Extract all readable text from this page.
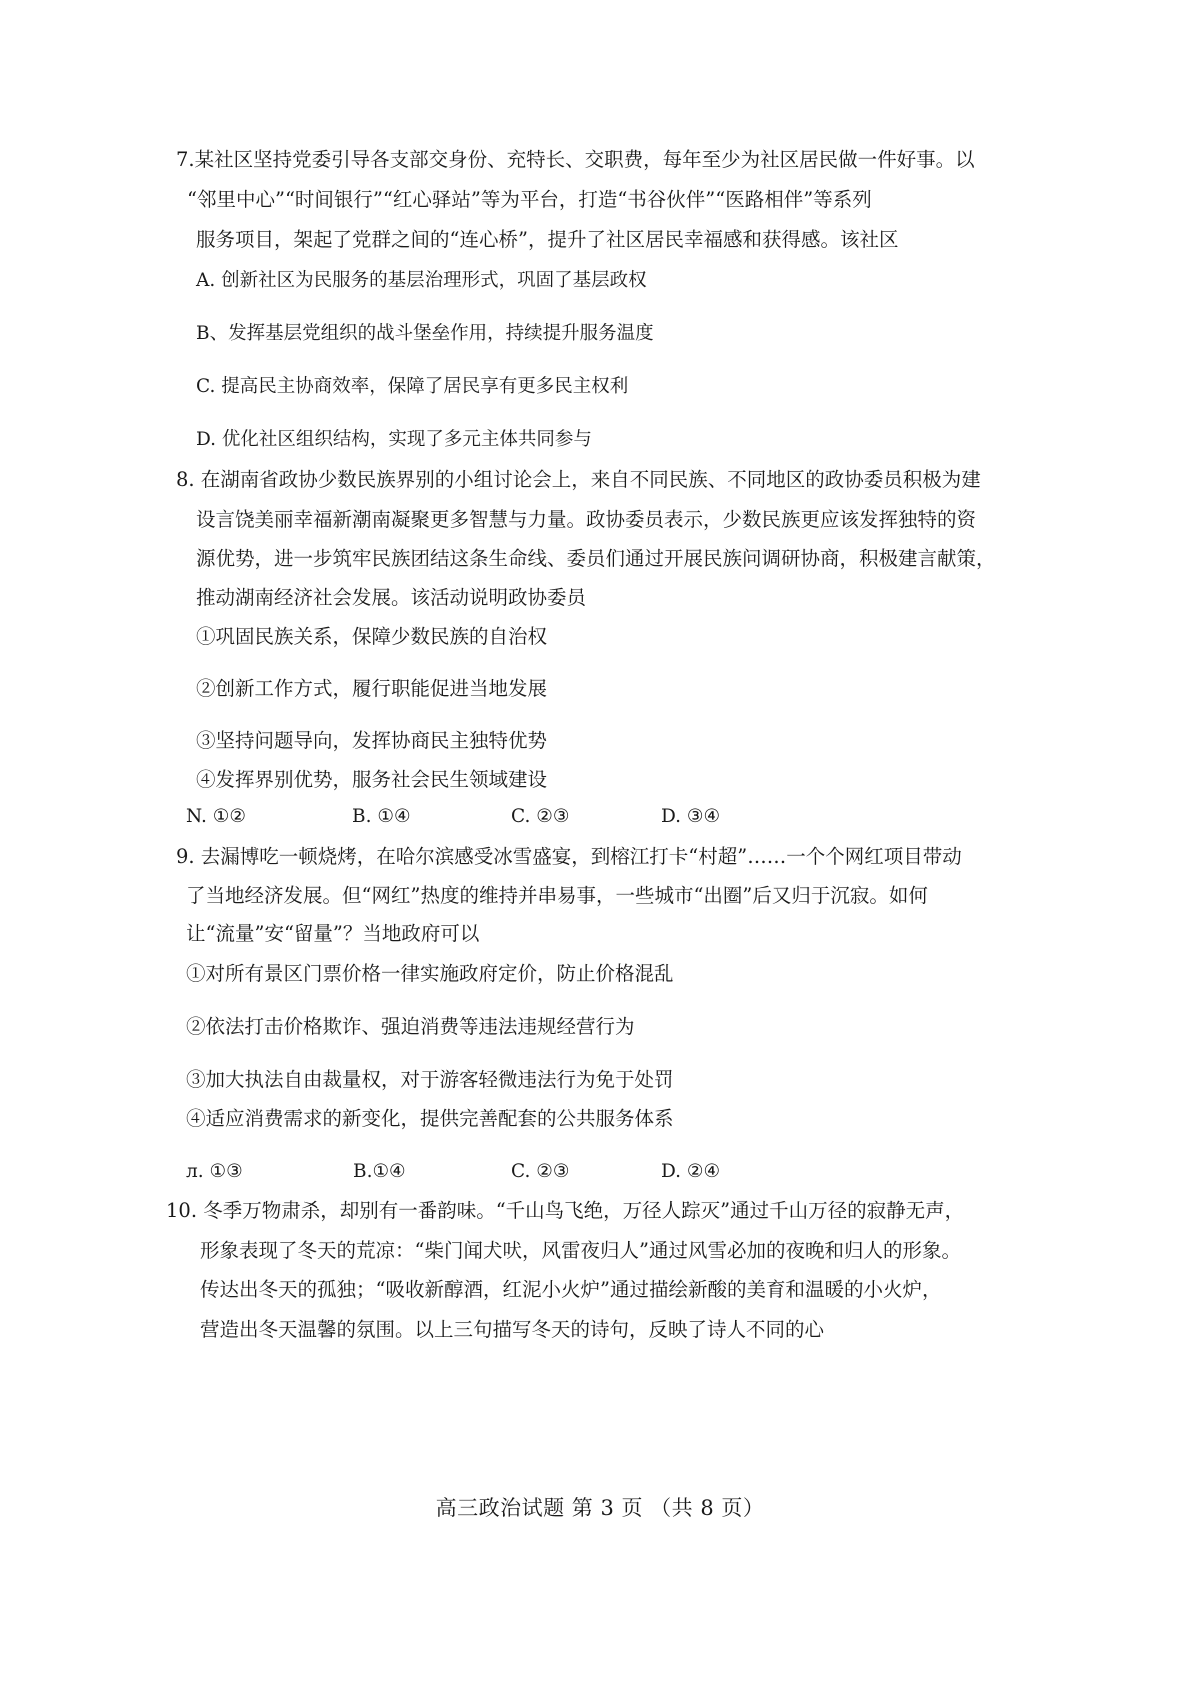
7.某社区坚持党委引导各支部交身份、充特长、交职费，每年至少为社区居民做一件好事。以
“邻里中心”“时间银行”“红心驿站”等为平台，打造“书谷伙伴”“医路相伴”等系列
服务项目，架起了党群之间的“连心桥”，提升了社区居民幸福感和获得感。该社区
A. 创新社区为民服务的基层治理形式，巩固了基层政权
B、发挥基层党组织的战斗堡垒作用，持续提升服务温度
C. 提高民主协商效率，保障了居民享有更多民主权利
D. 优化社区组织结构，实现了多元主体共同参与
8. 在湖南省政协少数民族界别的小组讨论会上，来自不同民族、不同地区的政协委员积极为建
设言饶美丽幸福新潮南凝聚更多智慧与力量。政协委员表示，少数民族更应该发挥独特的资
源优势，进一步筑牢民族团结这条生命线、委员们通过开展民族问调研协商，积极建言献策，
推动湖南经济社会发展。该活动说明政协委员
①巩固民族关系，保障少数民族的自治权
②创新工作方式，履行职能促进当地发展
③坚持问题导向，发挥协商民主独特优势
④发挥界别优势，服务社会民生领域建设
N. ①②	B. ①④	C. ②③	D. ③④
9. 去漏博吃一顿烧烤，在哈尔滨感受冰雪盛宴，到榕江打卡“村超”……一个个网红项目带动
了当地经济发展。但“网红”热度的维持并串易事，一些城市“出圈”后又归于沉寂。如何
让“流量”安“留量”？当地政府可以
①对所有景区门票价格一律实施政府定价，防止价格混乱
②依法打击价格欺诈、强迫消费等违法违规经营行为
③加大执法自由裁量权，对于游客轻微违法行为免于处罚
④适应消费需求的新变化，提供完善配套的公共服务体系
л. ①③	B.①④	C. ②③	D. ②④
10. 冬季万物肃杀，却别有一番韵味。“千山鸟飞绝，万径人踪灭”通过千山万径的寂静无声，
形象表现了冬天的荒凉：“柴门闻犬吠，风雷夜归人”通过风雪必加的夜晚和归人的形象。
传达出冬天的孤独；“吸收新醇酒，红泥小火炉”通过描绘新酸的美育和温暖的小火炉，
营造出冬天温馨的氛围。以上三句描写冬天的诗句，反映了诗人不同的心
高三政治试题 第 3 页 （共 8 页）
